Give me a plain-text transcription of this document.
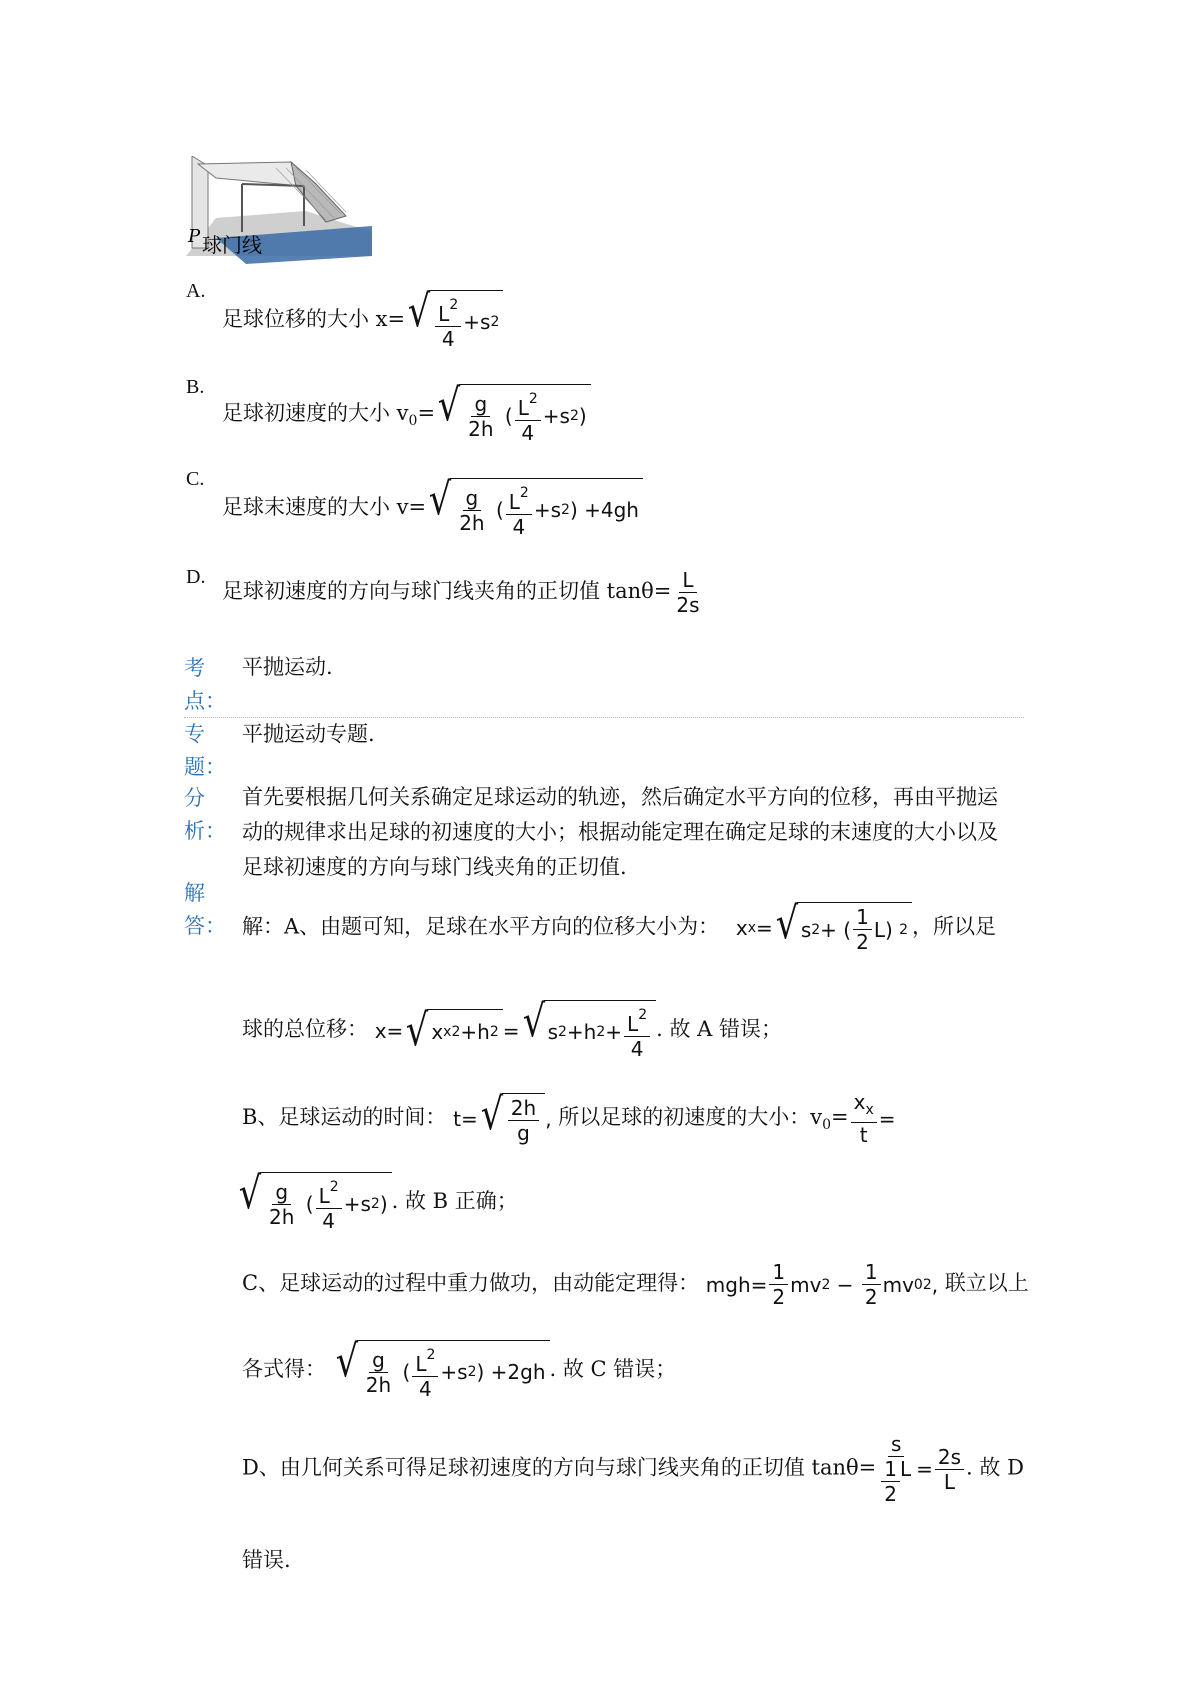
P 球门线
A.
足球位移的大小 x= √ $\frac{L^2}{4} +s$ 2
B.
足球初速度的大小 $v_0=$ √ $\frac{g}{2h}$ ( $\frac{L^2}{4} +s$ 2 )
C.
足球末速度的大小 v= √ $\frac{g}{2h}$ ( $\frac{L^2}{4} +s$ 2 ) +4gh
D.
足球初速度的方向与球门线夹角的正切值 $\tan\theta= \frac{L}{2s}$
考
点：
平抛运动.
专
题：
平抛运动专题.
分
析：
首先要根据几何关系确定足球运动的轨迹，然后确定水平方向的位移，再由平抛运
动的规律求出足球的初速度的大小；根据动能定理在确定足球的末速度的大小以及
足球初速度的方向与球门线夹角的正切值.
解
答： 解：A、由题可知，足球在水平方向的位移大小为： x x = √ s 2 + ( $\frac{1}{2} L$) 2 ，所以足
球的总位移： x= √ x x 2 +h 2 = √ s 2 +h $2 + \frac{L^2}{4}$ . 故 A 错误；
B、足球运动的时间： t= √ $\frac{2h}{g}$ , 所以足球的初速度的大小：$v_0= \frac{x_x}{t}$ =
√ $\frac{g}{2h}$ ( $\frac{L^2}{4} +s$ 2 ) . 故 B 正确；
C、足球运动的过程中重力做功，由动能定理得： $mgh= \frac{1}{2}$ mv $2 - \frac{1}{2}$ mv 0 2 , 联立以上
各式得： √ $\frac{g}{2h}$ ( $\frac{L^2}{4} +s$ 2 ) +2gh . 故 C 错误；
D、由几何关系可得足球初速度的方向与球门线夹角的正切值 $\tan\theta= \frac{s}{\frac{1}{2} L} = \frac{2s}{L}$ . 故 D
错误.
